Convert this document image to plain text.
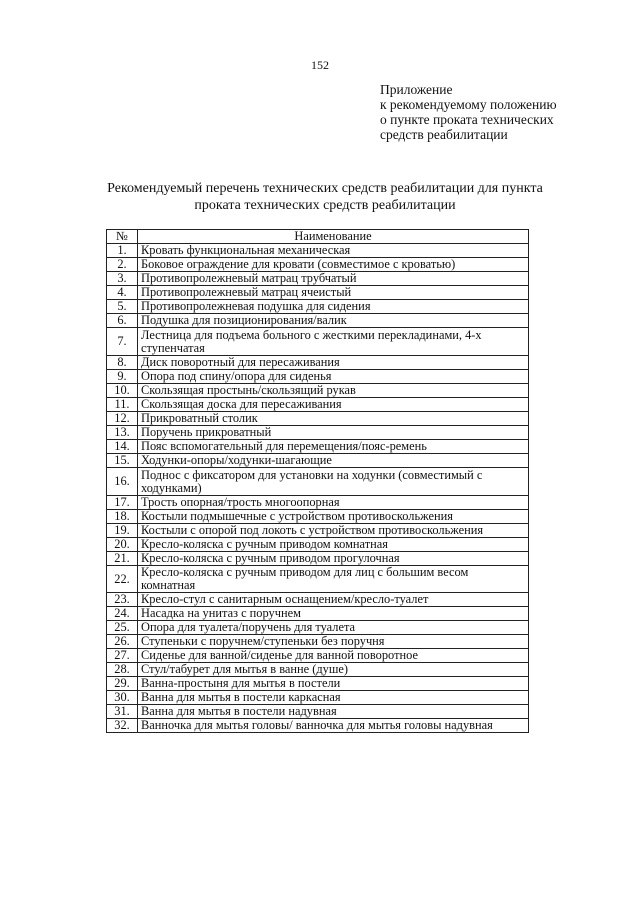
152
Приложение
к рекомендуемому положению
о пункте проката технических
средств реабилитации
Рекомендуемый перечень технических средств реабилитации для пункта
проката технических средств реабилитации
№	Наименование
1.	Кровать функциональная механическая
2.	Боковое ограждение для кровати (совместимое с кроватью)
3.	Противопролежневый матрац трубчатый
4.	Противопролежневый матрац ячеистый
5.	Противопролежневая подушка для сидения
6.	Подушка для позиционирования/валик
7.	Лестница для подъема больного с жесткими перекладинами, 4-х ступенчатая
8.	Диск поворотный для пересаживания
9.	Опора под спину/опора для сиденья
10.	Скользящая простынь/скользящий рукав
11.	Скользящая доска для пересаживания
12.	Прикроватный столик
13.	Поручень прикроватный
14.	Пояс вспомогательный для перемещения/пояс-ремень
15.	Ходунки-опоры/ходунки-шагающие
16.	Поднос с фиксатором для установки на ходунки (совместимый с ходунками)
17.	Трость опорная/трость многоопорная
18.	Костыли подмышечные с устройством противоскольжения
19.	Костыли с опорой под локоть с устройством противоскольжения
20.	Кресло-коляска с ручным приводом комнатная
21.	Кресло-коляска с ручным приводом прогулочная
22.	Кресло-коляска с ручным приводом для лиц с большим весом комнатная
23.	Кресло-стул с санитарным оснащением/кресло-туалет
24.	Насадка на унитаз с поручнем
25.	Опора для туалета/поручень для туалета
26.	Ступеньки с поручнем/ступеньки без поручня
27.	Сиденье для ванной/сиденье для ванной поворотное
28.	Стул/табурет для мытья в ванне (душе)
29.	Ванна-простыня для мытья в постели
30.	Ванна для мытья в постели каркасная
31.	Ванна для мытья в постели надувная
32.	Ванночка для мытья головы/ ванночка для мытья головы надувная
